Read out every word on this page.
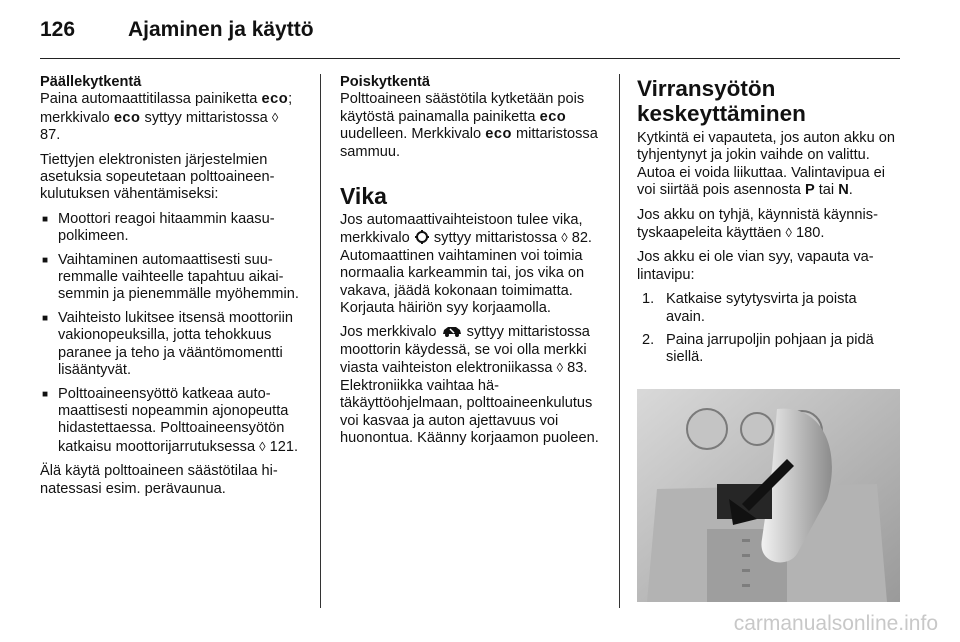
126	Ajaminen ja käyttö

Päällekytkentä

Paina automaattitilassa painiketta eco; merkkivalo eco syttyy mittaristossa ◊ 87.

Tiettyjen elektronisten järjestelmien asetuksia sopeutetaan polttoaineenkulutuksen vähentämiseksi:

■ Moottori reagoi hitaammin kaasupolkimeen.
■ Vaihtaminen automaattisesti suuremmalle vaihteelle tapahtuu aikaisemmin ja pienemmälle myöhemmin.
■ Vaihteisto lukitsee itsensä moottoriin vakionopeuksilla, jotta tehokkuus paranee ja teho ja vääntömomentti lisääntyvät.
■ Polttoaineensyöttö katkeaa automaattisesti nopeammin ajonopeutta hidastettaessa. Polttoaineensyötön katkaisu moottorijarrutuksessa ◊ 121.

Älä käytä polttoaineen säästötilaa hinatessasi esim. perävaunua.

Poiskytkentä

Polttoaineen säästötila kytketään pois käytöstä painamalla painiketta eco uudelleen. Merkkivalo eco mittaristossa sammuu.

Vika

Jos automaattivaihteistoon tulee vika, merkkivalo syttyy mittaristossa ◊ 82. Automaattinen vaihtaminen voi toimia normaalia karkeammin tai, jos vika on vakava, jäädä kokonaan toimimatta. Korjauta häiriön syy korjaamolla.

Jos merkkivalo syttyy mittaristossa moottorin käydessä, se voi olla merkki viasta vaihteiston elektroniikassa ◊ 83. Elektroniikka vaihtaa hätäkäyttöohjelmaan, polttoaineenkulutus voi kasvaa ja auton ajettavuus voi huonontua. Käänny korjaamon puoleen.

Virransyötön
keskeyttäminen

Kytkintä ei vapauteta, jos auton akku on tyhjentynyt ja jokin vaihde on valittu. Autoa ei voida liikuttaa. Valintavipua ei voi siirtää pois asennosta P tai N.

Jos akku on tyhjä, käynnistä käynnistyskaapeleita käyttäen ◊ 180.

Jos akku ei ole vian syy, vapauta valintavipu:

1. Katkaise sytytysvirta ja poista avain.
2. Paina jarrupoljin pohjaan ja pidä siellä.
carmanualsonline.info
